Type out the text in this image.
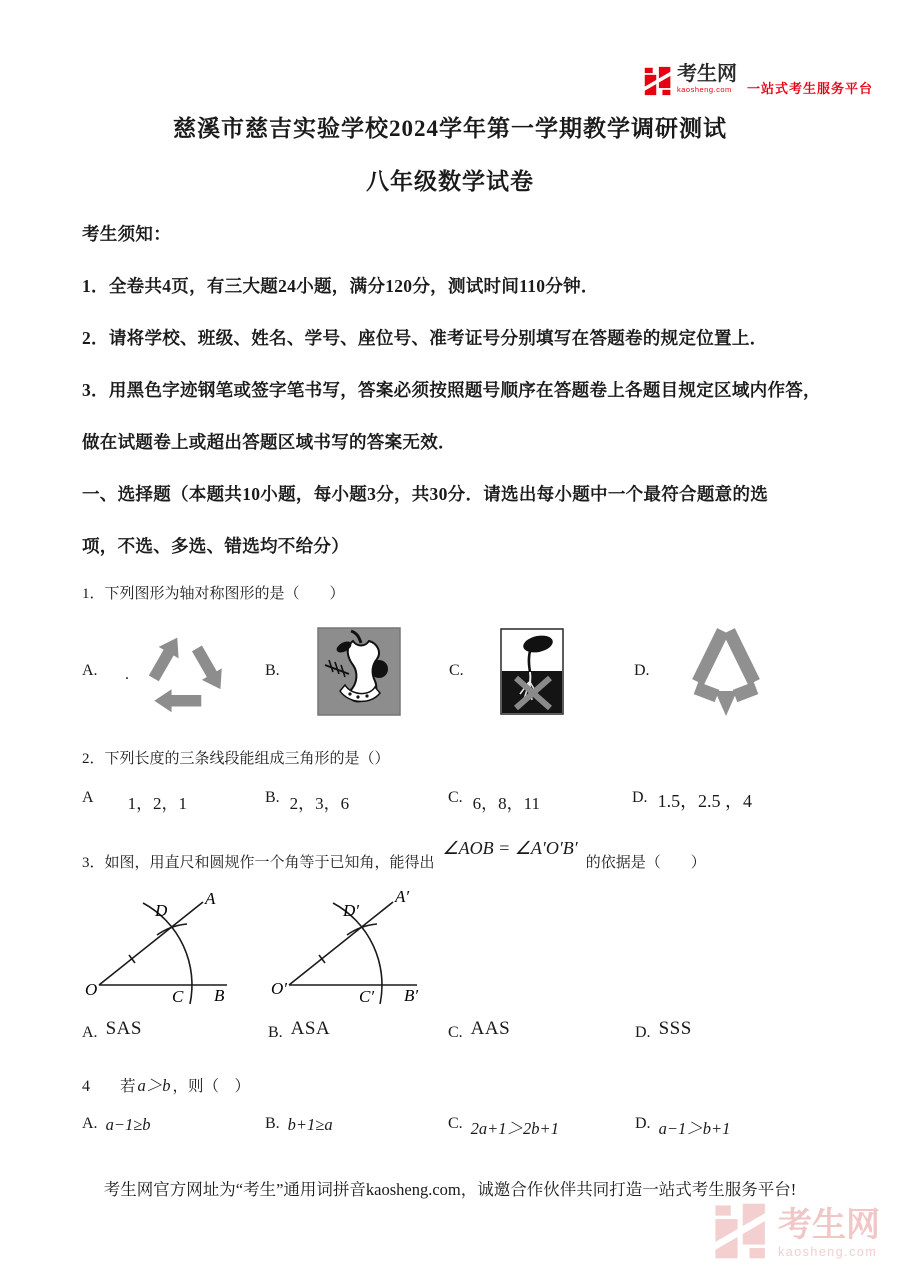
考生网
kaosheng.com	一站式考生服务平台
慈溪市慈吉实验学校2024学年第一学期教学调研测试
八年级数学试卷
考生须知：
1．全卷共4页，有三大题24小题，满分120分，测试时间110分钟．
2．请将学校、班级、姓名、学号、座位号、准考证号分别填写在答题卷的规定位置上．
3．用黑色字迹钢笔或签字笔书写，答案必须按照题号顺序在答题卷上各题目规定区域内作答，
做在试题卷上或超出答题区域书写的答案无效．
一、选择题（本题共10小题，每小题3分，共30分．请选出每小题中一个最符合题意的选
项，不选、多选、错选均不给分）
1．下列图形为轴对称图形的是（　　）
A. .	B.	C.	D.
2．下列长度的三条线段能组成三角形的是（）
A 1，2，1	B. 2，3，6	C. 6，8，11	D. 1.5，2.5 ，4
3．如图，用直尺和圆规作一个角等于已知角，能得出
∠AOB = ∠A′O′B′
的依据是（　　）
O
A
B
C
D
O′
A′
B′
C′
D′
A. SAS	B. ASA	C. AAS	D. SSS
4 若 a＞b ，则（　）
A. a−1≥b	B. b+1≥a	C. 2a+1＞2b+1	D. a−1＞b+1
考生网官方网址为“考生”通用词拼音kaosheng.com，诚邀合作伙伴共同打造一站式考生服务平台!
考生网
kaosheng.com
